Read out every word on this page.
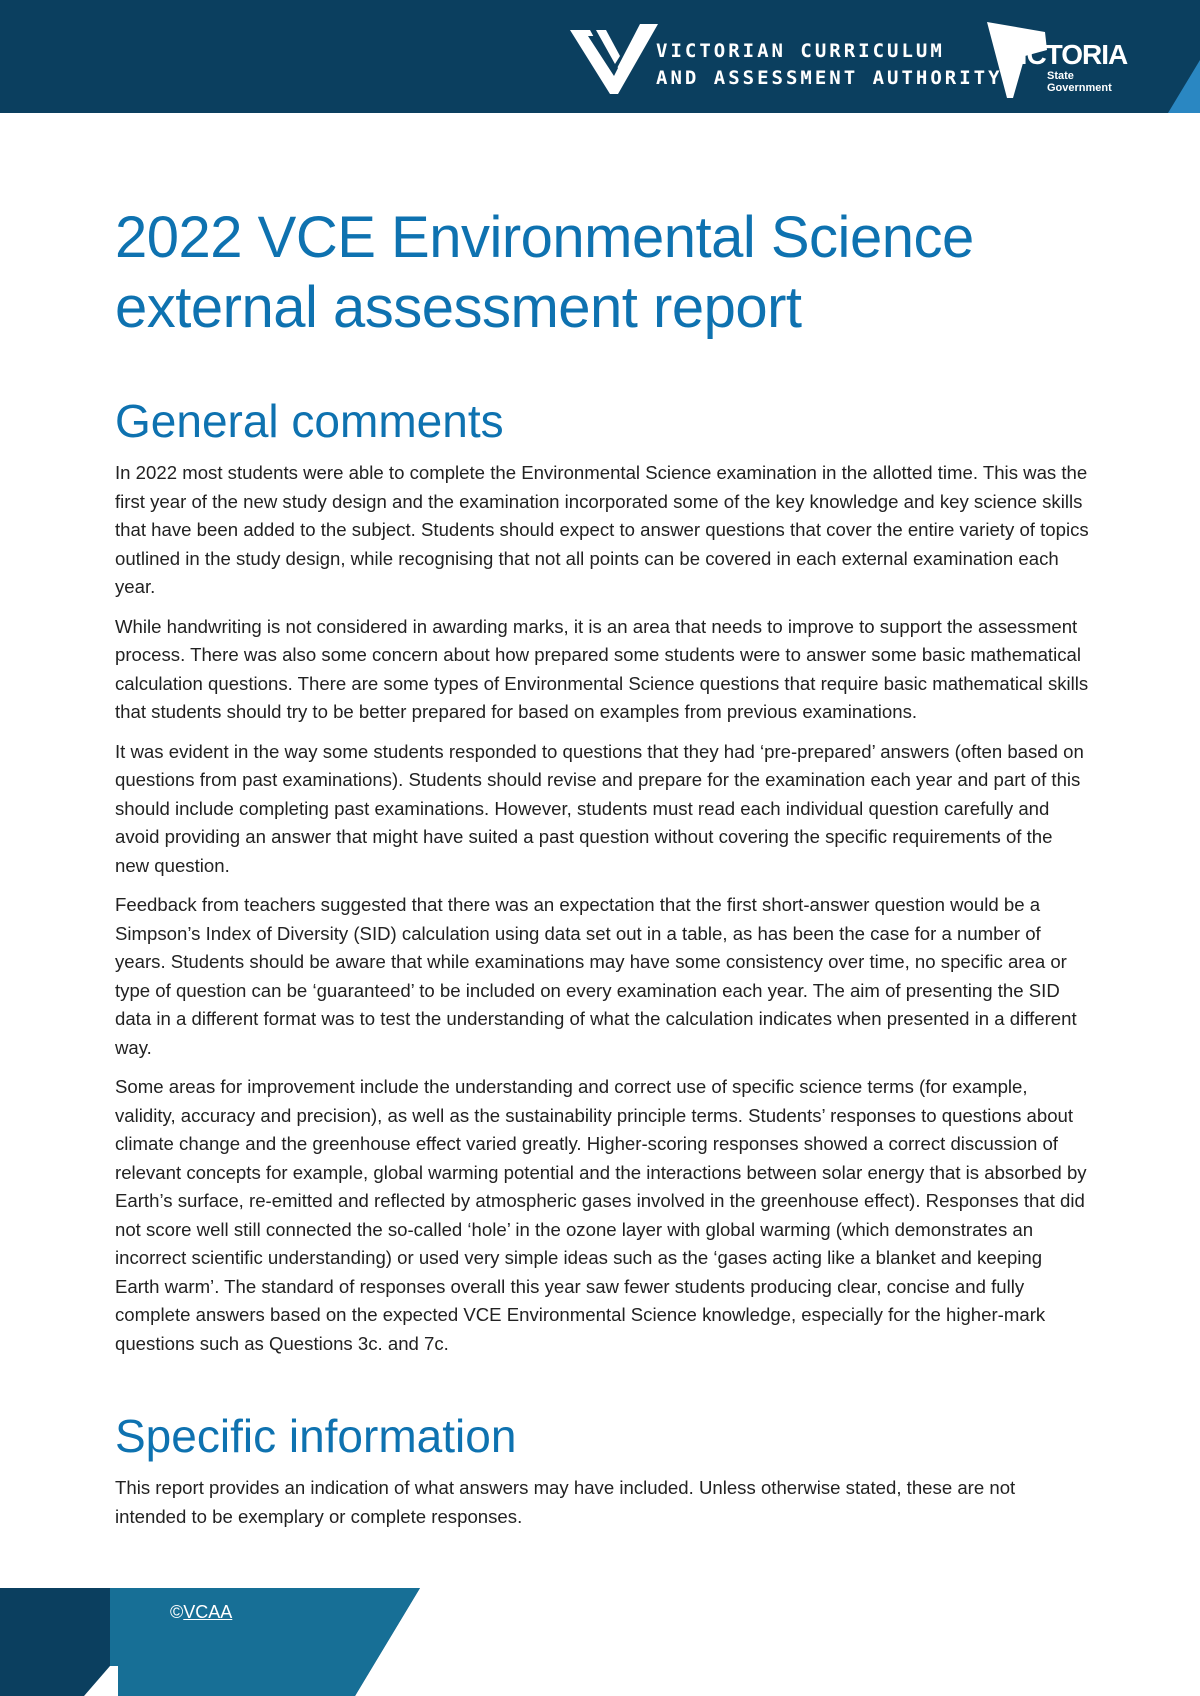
VICTORIAN CURRICULUM
AND ASSESSMENT AUTHORITY
VICTORIA
State
Government
2022 VCE Environmental Science
external assessment report
General comments

In 2022 most students were able to complete the Environmental Science examination in the allotted time. This was the first year of the new study design and the examination incorporated some of the key knowledge and key science skills that have been added to the subject. Students should expect to answer questions that cover the entire variety of topics outlined in the study design, while recognising that not all points can be covered in each external examination each year.

While handwriting is not considered in awarding marks, it is an area that needs to improve to support the assessment process. There was also some concern about how prepared some students were to answer some basic mathematical calculation questions. There are some types of Environmental Science questions that require basic mathematical skills that students should try to be better prepared for based on examples from previous examinations.

It was evident in the way some students responded to questions that they had ‘pre-prepared’ answers (often based on questions from past examinations). Students should revise and prepare for the examination each year and part of this should include completing past examinations. However, students must read each individual question carefully and avoid providing an answer that might have suited a past question without covering the specific requirements of the new question.

Feedback from teachers suggested that there was an expectation that the first short-answer question would be a Simpson’s Index of Diversity (SID) calculation using data set out in a table, as has been the case for a number of years. Students should be aware that while examinations may have some consistency over time, no specific area or type of question can be ‘guaranteed’ to be included on every examination each year. The aim of presenting the SID data in a different format was to test the understanding of what the calculation indicates when presented in a different way.

Some areas for improvement include the understanding and correct use of specific science terms (for example, validity, accuracy and precision), as well as the sustainability principle terms. Students’ responses to questions about climate change and the greenhouse effect varied greatly. Higher-scoring responses showed a correct discussion of relevant concepts for example, global warming potential and the interactions between solar energy that is absorbed by Earth’s surface, re-emitted and reflected by atmospheric gases involved in the greenhouse effect). Responses that did not score well still connected the so-called ‘hole’ in the ozone layer with global warming (which demonstrates an incorrect scientific understanding) or used very simple ideas such as the ‘gases acting like a blanket and keeping Earth warm’. The standard of responses overall this year saw fewer students producing clear, concise and fully complete answers based on the expected VCE Environmental Science knowledge, especially for the higher-mark questions such as Questions 3c. and 7c.

Specific information

This report provides an indication of what answers may have included. Unless otherwise stated, these are not intended to be exemplary or complete responses.

©VCAA
